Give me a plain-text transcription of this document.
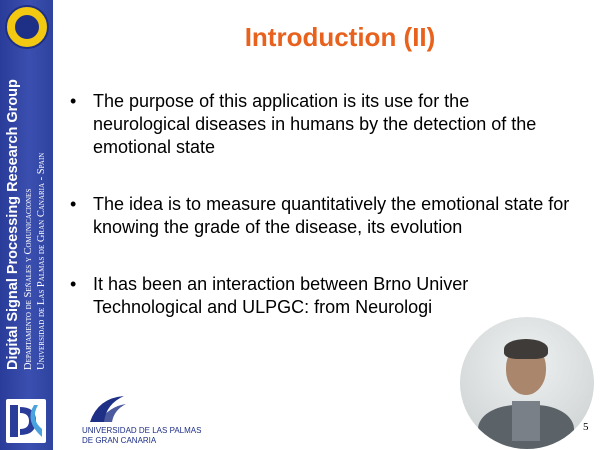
Digital Signal Processing Research Group Departamento de Señales y Comunicaciones Universidad de Las Palmas de Gran Canaria - Spain
Introduction (II)
• The purpose of this application is its use for the neurological diseases in humans by the detection of the emotional state
• The idea is to measure quantitatively the emotional state for knowing the grade of the disease, its evolution
• It has been an interaction between Brno Univer
Technological and ULPGC: from Neurologi
UNIVERSIDAD DE LAS PALMAS
DE GRAN CANARIA
5
